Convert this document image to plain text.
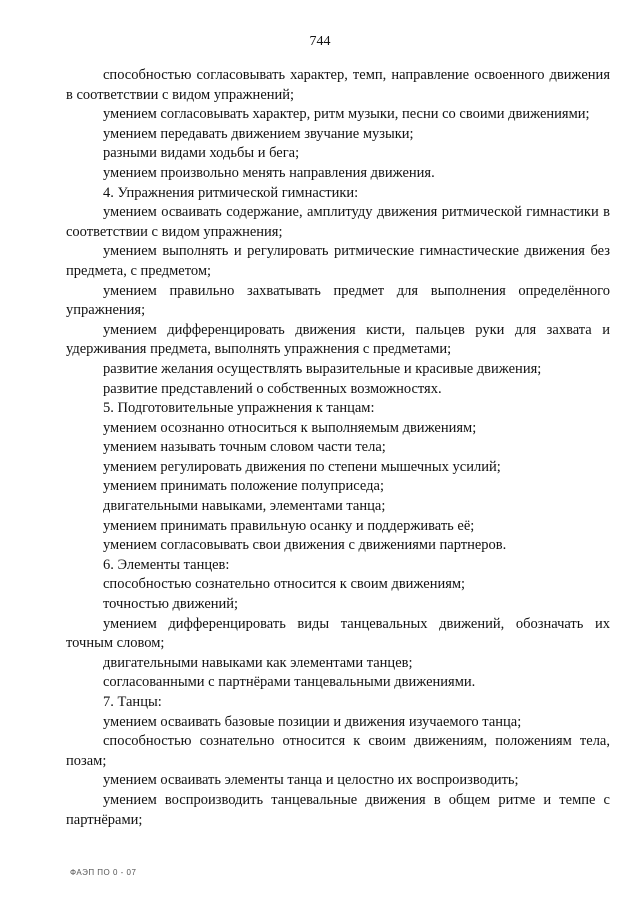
744

способностью согласовывать характер, темп, направление освоенного движения в соответствии с видом упражнений;

умением согласовывать характер, ритм музыки, песни со своими движениями;

умением передавать движением звучание музыки;

разными видами ходьбы и бега;

умением произвольно менять направления движения.

4. Упражнения ритмической гимнастики:

умением осваивать содержание, амплитуду движения ритмической гимнастики в соответствии с видом упражнения;

умением выполнять и регулировать ритмические гимнастические движения без предмета, с предметом;

умением правильно захватывать предмет для выполнения определённого упражнения;

умением дифференцировать движения кисти, пальцев руки для захвата и удерживания предмета, выполнять упражнения с предметами;

развитие желания осуществлять выразительные и красивые движения;

развитие представлений о собственных возможностях.

5. Подготовительные упражнения к танцам:

умением осознанно относиться к выполняемым движениям;

умением называть точным словом части тела;

умением регулировать движения по степени мышечных усилий;

умением принимать положение полуприседа;

двигательными навыками, элементами танца;

умением принимать правильную осанку и поддерживать её;

умением согласовывать свои движения с движениями партнеров.

6. Элементы танцев:

способностью сознательно относится к своим движениям;

точностью движений;

умением дифференцировать виды танцевальных движений, обозначать их точным словом;

двигательными навыками как элементами танцев;

согласованными с партнёрами танцевальными движениями.

7. Танцы:

умением осваивать базовые позиции и движения изучаемого танца;

способностью сознательно относится к своим движениям, положениям тела, позам;

умением осваивать элементы танца и целостно их воспроизводить;

умением воспроизводить танцевальные движения в общем ритме и темпе с партнёрами;

ФАЭП ПО 0 - 07
